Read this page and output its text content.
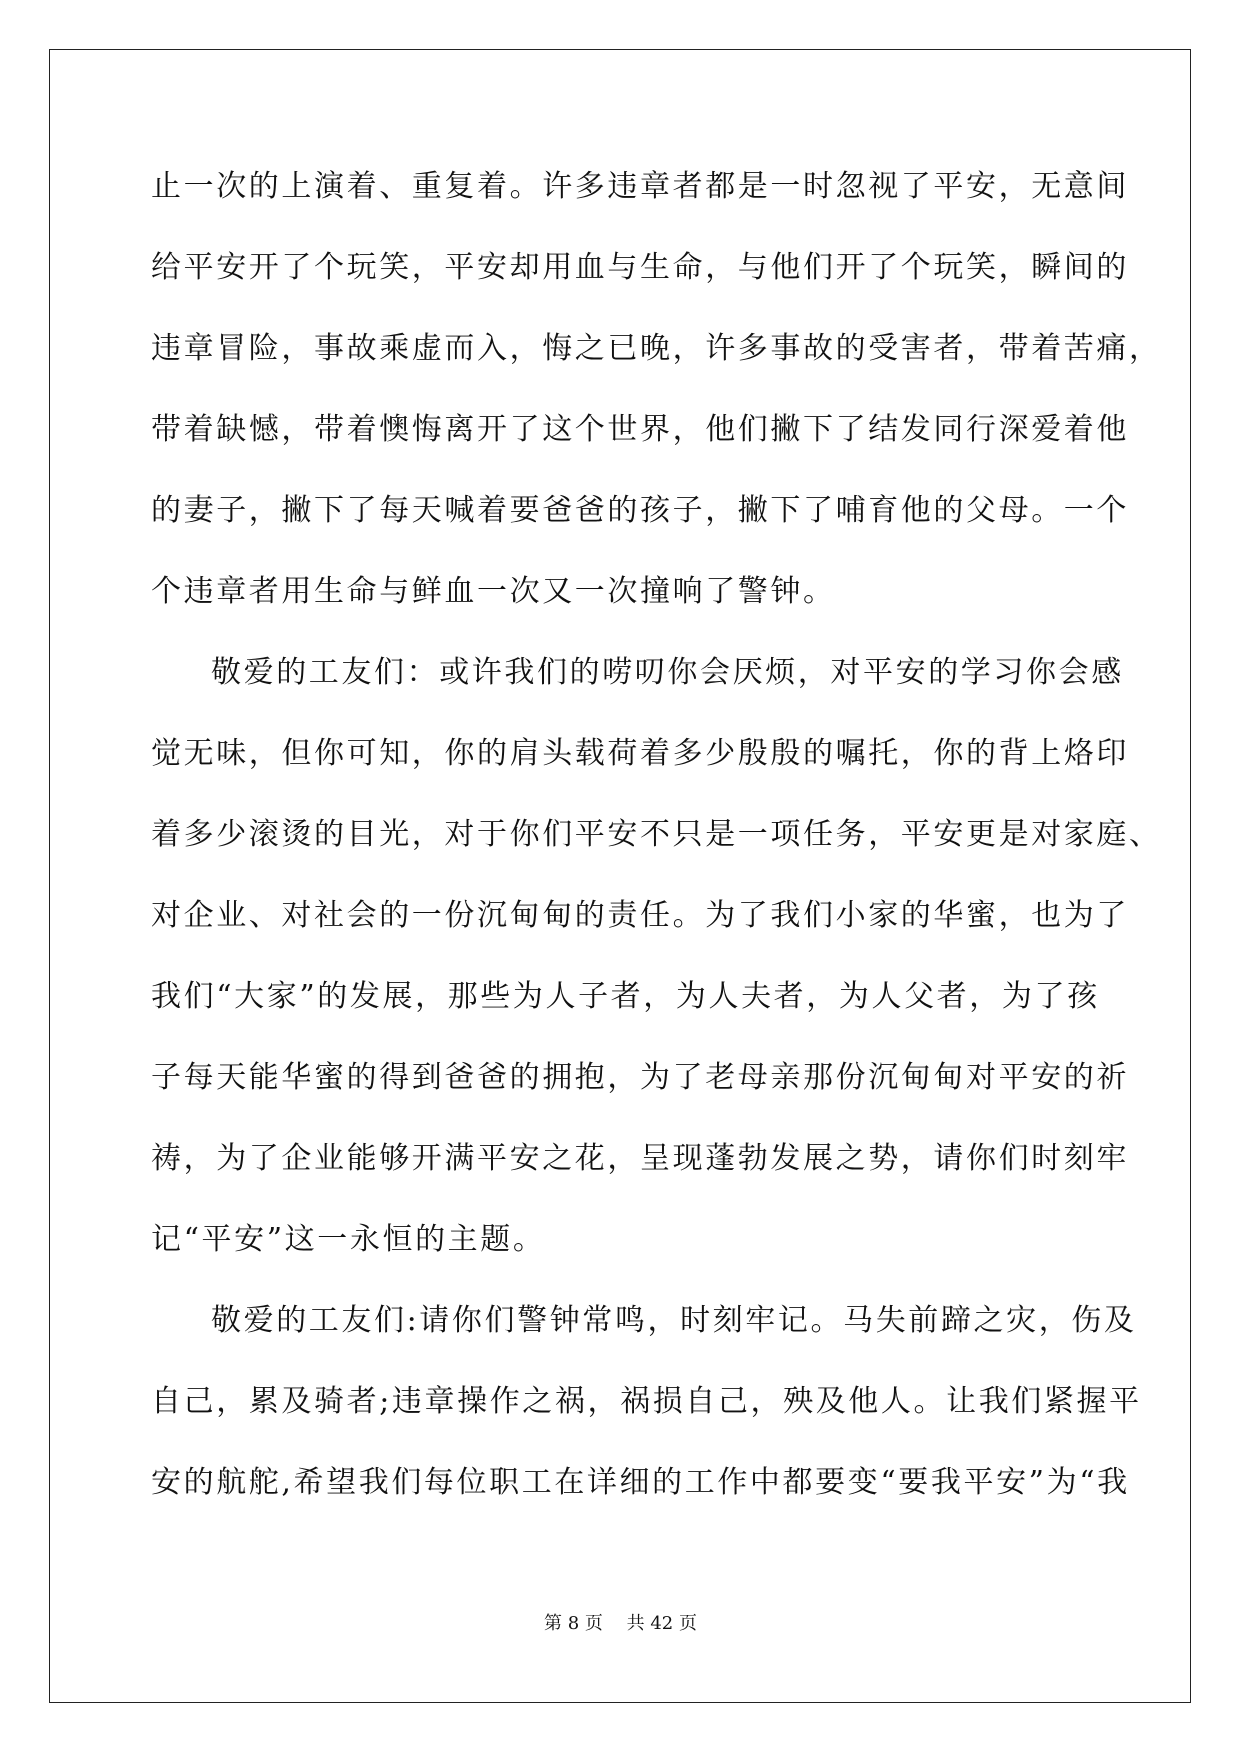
止一次的上演着、重复着。许多违章者都是一时忽视了平安，无意间
给平安开了个玩笑，平安却用血与生命，与他们开了个玩笑，瞬间的
违章冒险，事故乘虚而入，悔之已晚，许多事故的受害者，带着苦痛，
带着缺憾，带着懊悔离开了这个世界，他们撇下了结发同行深爱着他
的妻子，撇下了每天喊着要爸爸的孩子，撇下了哺育他的父母。一个
个违章者用生命与鲜血一次又一次撞响了警钟。
敬爱的工友们：或许我们的唠叨你会厌烦，对平安的学习你会感
觉无味，但你可知，你的肩头载荷着多少殷殷的嘱托，你的背上烙印
着多少滚烫的目光，对于你们平安不只是一项任务，平安更是对家庭、
对企业、对社会的一份沉甸甸的责任。为了我们小家的华蜜，也为了
我们“大家”的发展，那些为人子者，为人夫者，为人父者，为了孩
子每天能华蜜的得到爸爸的拥抱，为了老母亲那份沉甸甸对平安的祈
祷，为了企业能够开满平安之花，呈现蓬勃发展之势，请你们时刻牢
记“平安”这一永恒的主题。
敬爱的工友们:请你们警钟常鸣，时刻牢记。马失前蹄之灾，伤及
自己，累及骑者;违章操作之祸，祸损自己，殃及他人。让我们紧握平
安的航舵,希望我们每位职工在详细的工作中都要变“要我平安”为“我
第 8 页　 共 42 页
